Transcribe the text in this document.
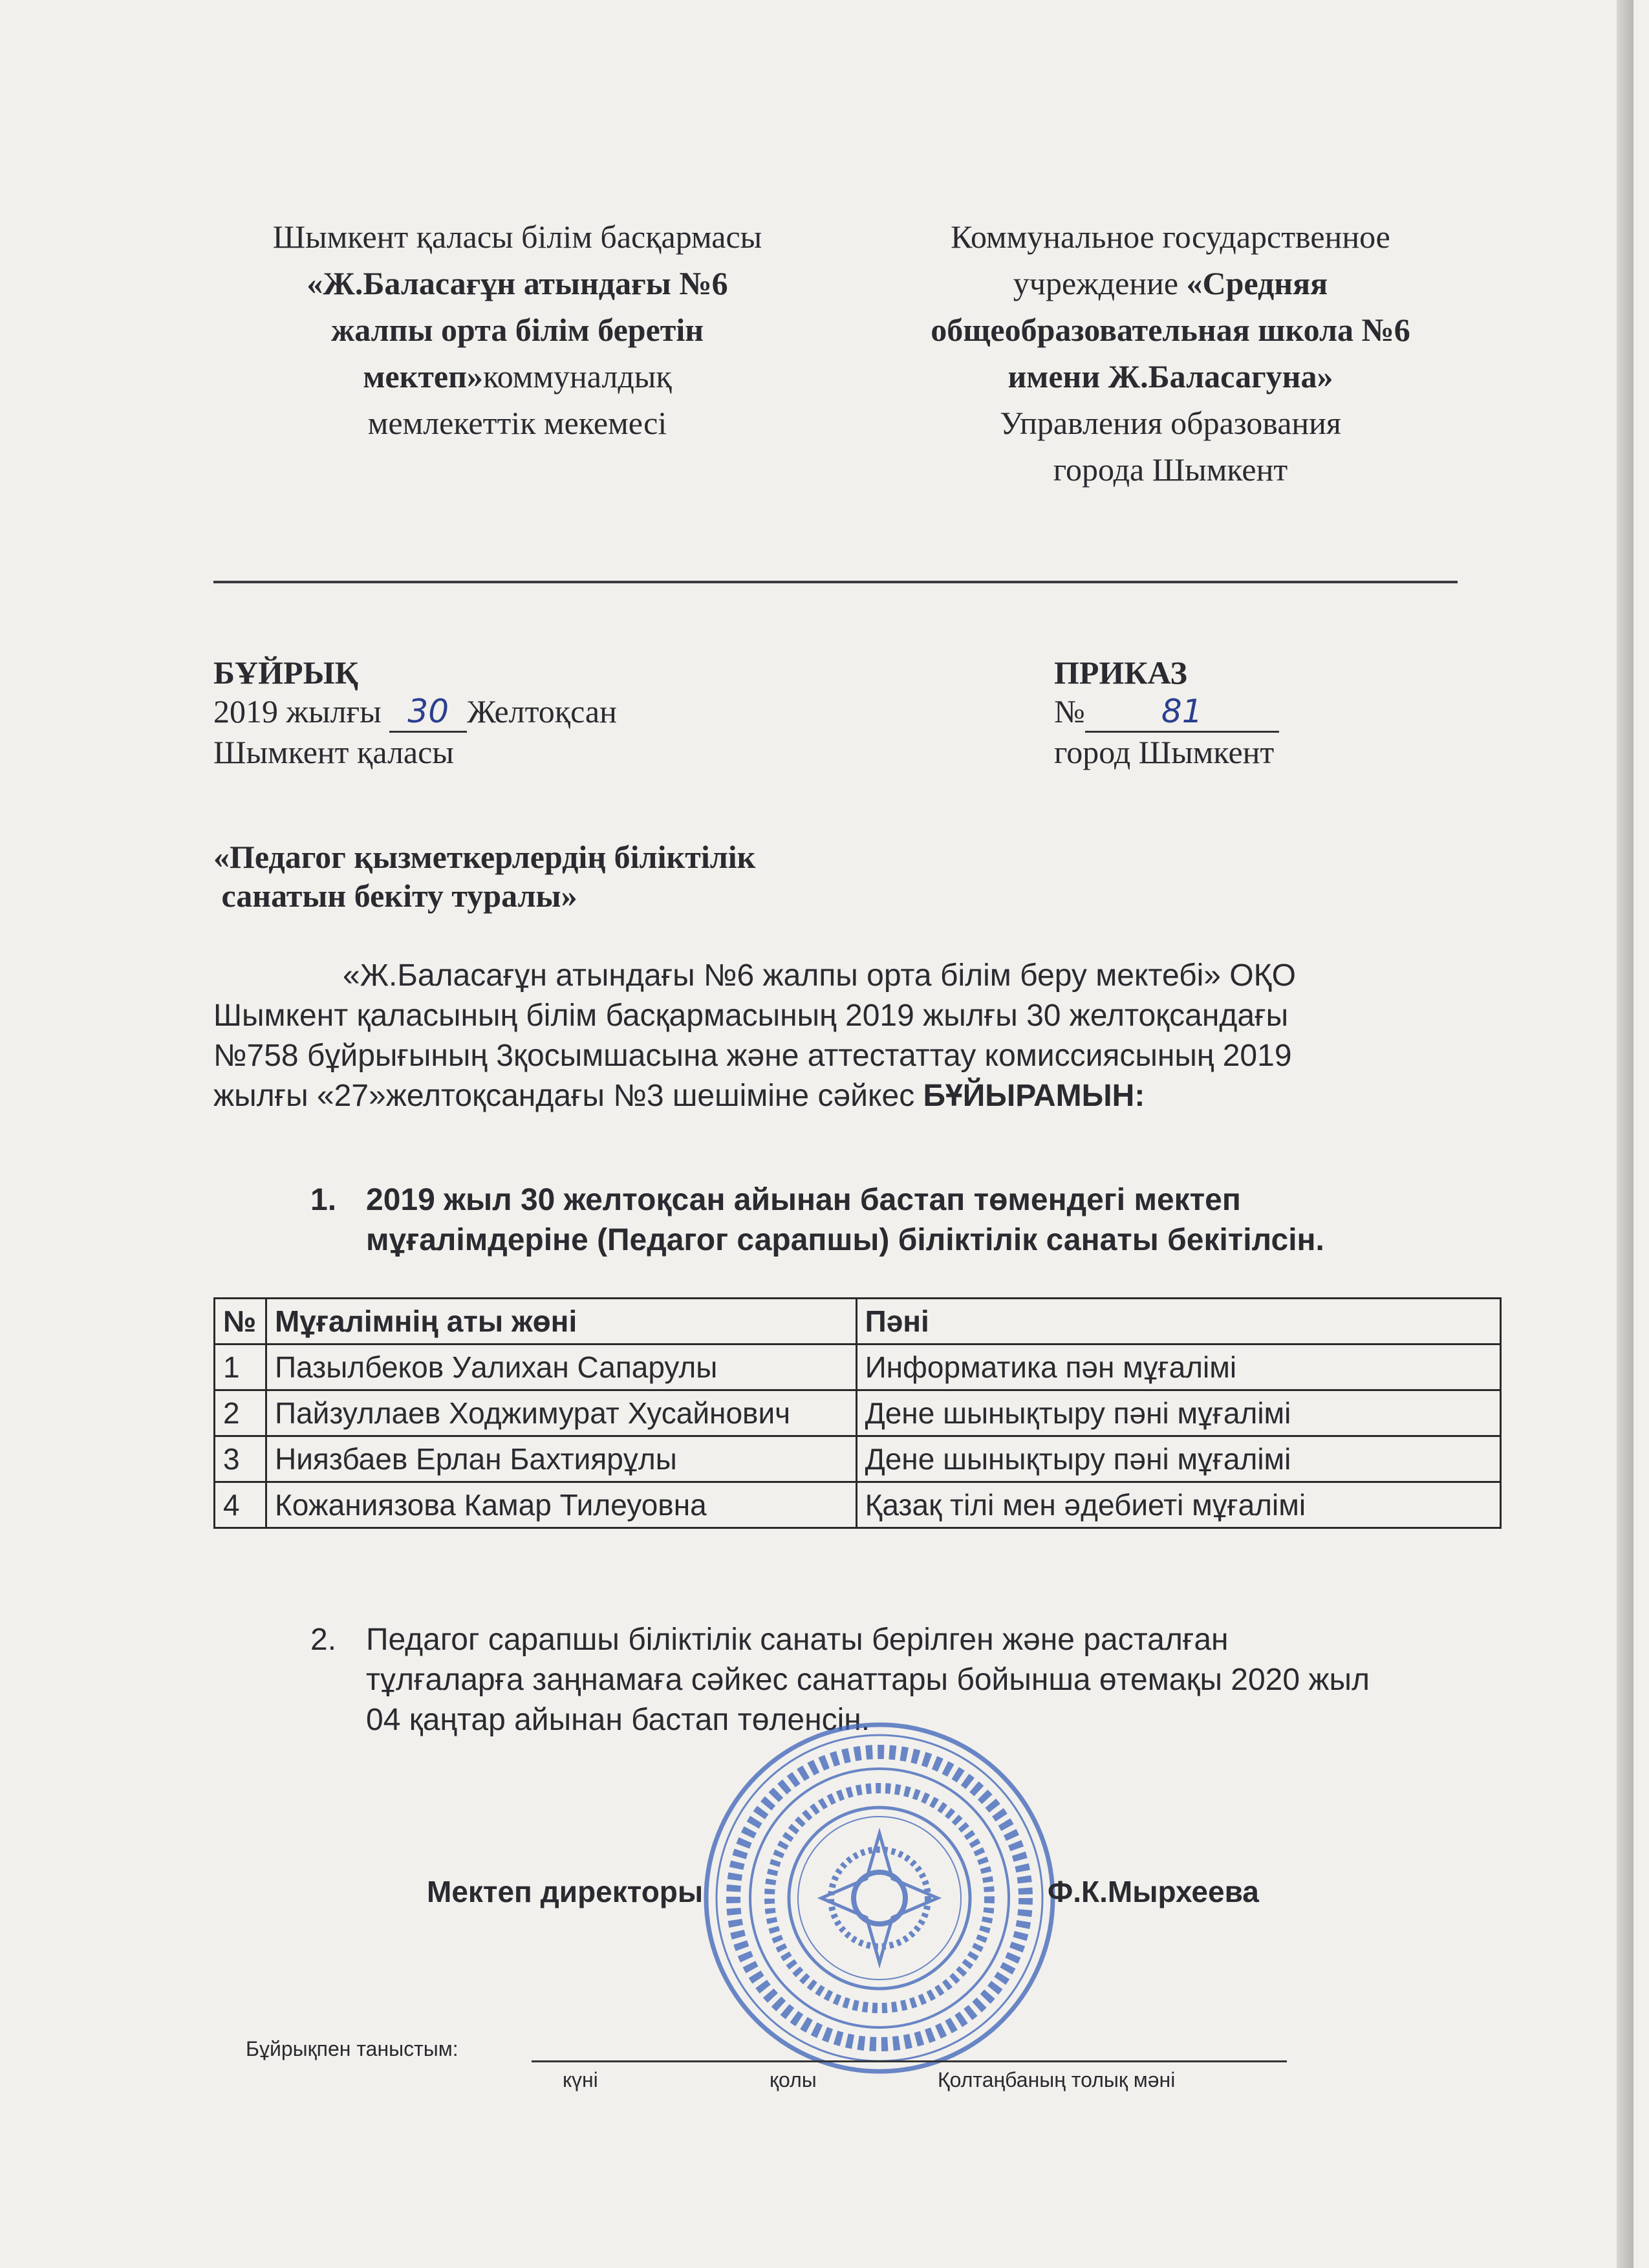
Шымкент қаласы білім басқармасы
«Ж.Баласағұн атындағы №6
жалпы орта білім беретін
мектеп»коммуналдық
мемлекеттік мекемесі
Коммунальное государственное
учреждение «Средняя
общеобразовательная школа №6
имени Ж.Баласагуна»
Управления образования
города Шымкент
БҰЙРЫҚ
2019 жылғы 30 Желтоқсан
Шымкент қаласы
ПРИКАЗ
№ 81
город Шымкент
«Педагог қызметкерлердің біліктілік
санатын бекіту туралы»
«Ж.Баласағұн атындағы №6 жалпы орта білім беру мектебі» ОҚО
Шымкент қаласының білім басқармасының 2019 жылғы 30 желтоқсандағы
№758 бұйрығының 3қосымшасына және аттестаттау комиссиясының 2019
жылғы «27»желтоқсандағы №3 шешіміне сәйкес БҰЙЫРАМЫН:
1. 2019 жыл 30 желтоқсан айынан бастап төмендегі мектеп
мұғалімдеріне (Педагог сарапшы) біліктілік санаты бекітілсін.
№	Мұғалімнің аты жөні	Пәні
1	Пазылбеков Уалихан Сапарулы	Информатика пән мұғалімі
2	Пайзуллаев Ходжимурат Хусайнович	Дене шынықтыру пәні мұғалімі
3	Ниязбаев Ерлан Бахтиярұлы	Дене шынықтыру пәні мұғалімі
4	Кожаниязова Камар Тилеуовна	Қазақ тілі мен әдебиеті мұғалімі
2. Педагог сарапшы біліктілік санаты берілген және расталған
тұлғаларға заңнамаға сәйкес санаттары бойынша өтемақы 2020 жыл
04 қаңтар айынан бастап төленсін.
Мектеп директоры	Ф.К.Мырхеева
Бұйрықпен таныстым:
күні	қолы	Қолтаңбаның толық мәні
